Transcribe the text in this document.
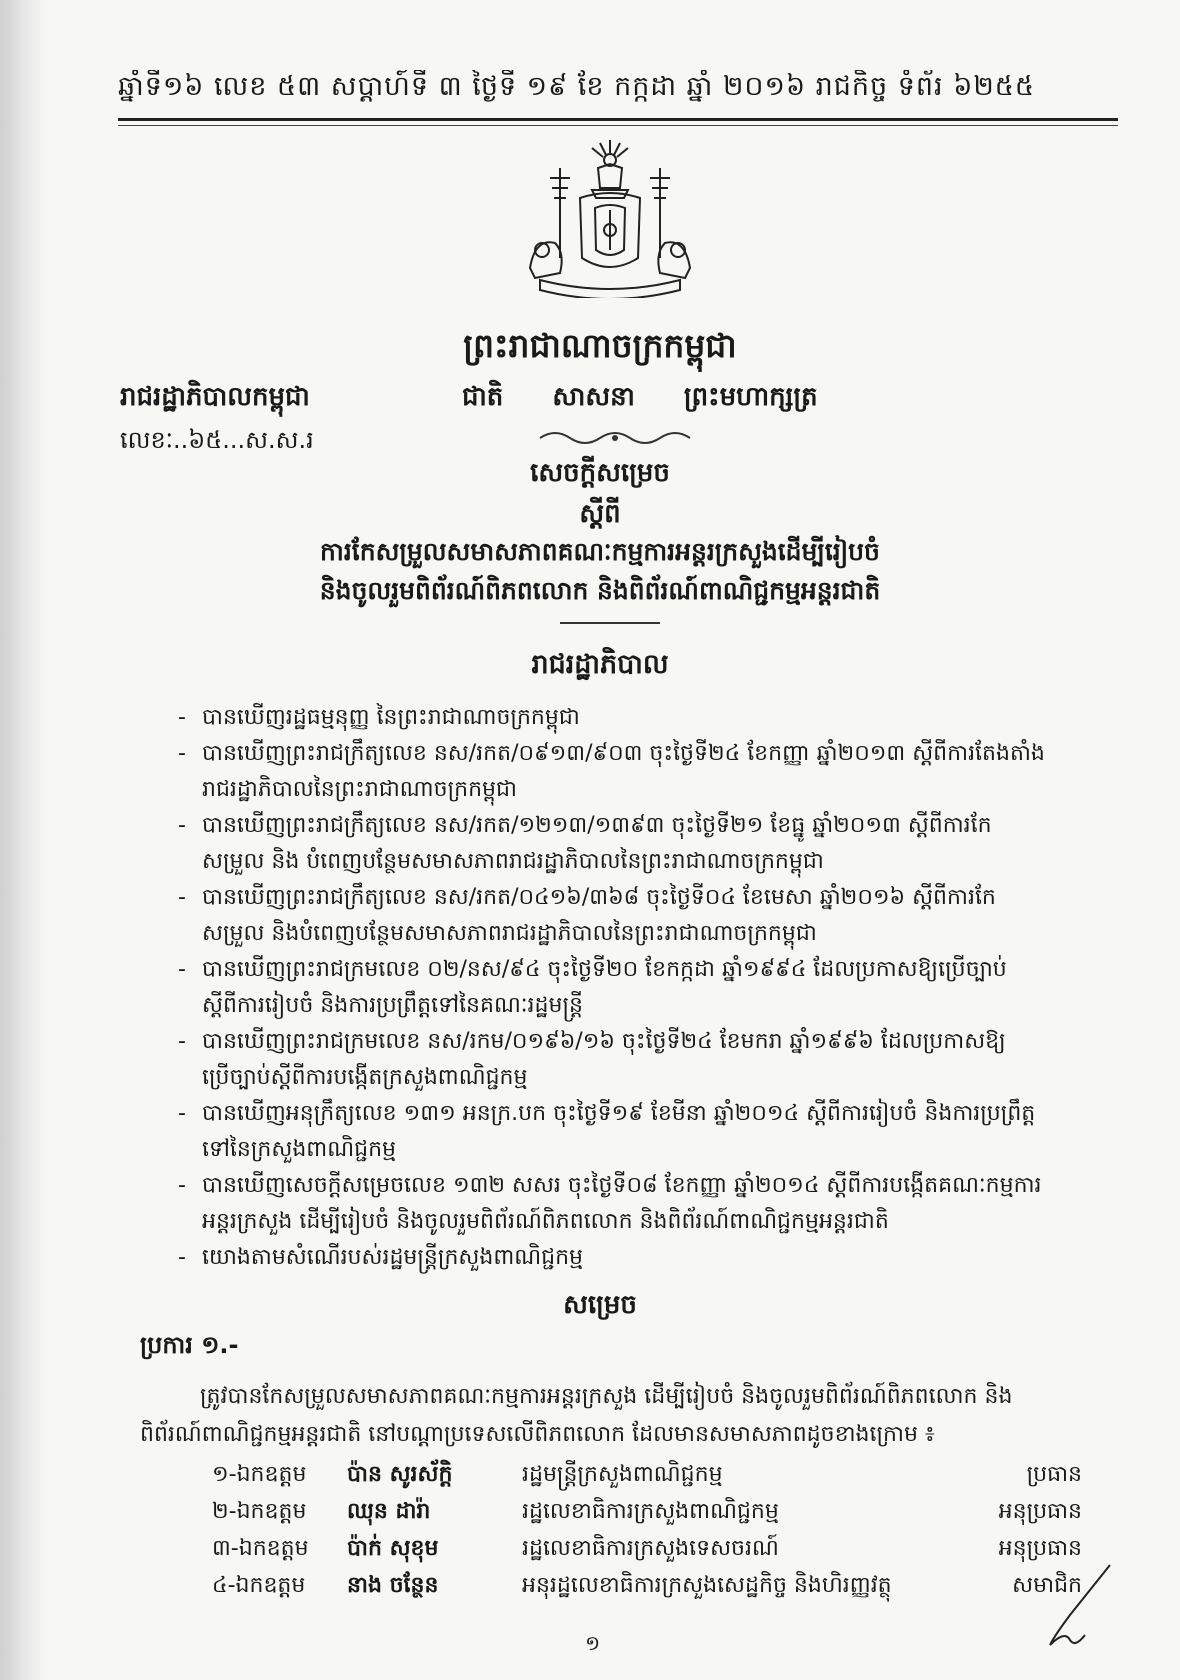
ឆ្នាំទី១៦ លេខ ៥៣ សប្តាហ៍ទី ៣ ថ្ងៃទី ១៩ ខែ កក្កដា ឆ្នាំ ២០១៦ រាជកិច្ច ទំព័រ ៦២៥៥
ព្រះរាជាណាចក្រកម្ពុជា
រាជរដ្ឋាភិបាលកម្ពុជា	ជាតិ សាសនា ព្រះមហាក្សត្រ
លេខៈ..៦៥...ស.ស.រ
សេចក្តីសម្រេច
ស្តីពី
ការកែសម្រួលសមាសភាពគណៈកម្មការអន្តរក្រសួងដើម្បីរៀបចំ
និងចូលរួមពិព័រណ៍ពិភពលោក និងពិព័រណ៍ពាណិជ្ជកម្មអន្តរជាតិ
រាជរដ្ឋាភិបាល
- បានឃើញរដ្ឋធម្មនុញ្ញ នៃព្រះរាជាណាចក្រកម្ពុជា
- បានឃើញព្រះរាជក្រឹត្យលេខ នស/រកត/០៩១៣/៩០៣ ចុះថ្ងៃទី២៤ ខែកញ្ញា ឆ្នាំ២០១៣ ស្តីពីការតែងតាំង
រាជរដ្ឋាភិបាលនៃព្រះរាជាណាចក្រកម្ពុជា
- បានឃើញព្រះរាជក្រឹត្យលេខ នស/រកត/១២១៣/១៣៩៣ ចុះថ្ងៃទី២១ ខែធ្នូ ឆ្នាំ២០១៣ ស្តីពីការកែ
សម្រួល និង បំពេញបន្ថែមសមាសភាពរាជរដ្ឋាភិបាលនៃព្រះរាជាណាចក្រកម្ពុជា
- បានឃើញព្រះរាជក្រឹត្យលេខ នស/រកត/០៤១៦/៣៦៨ ចុះថ្ងៃទី០៤ ខែមេសា ឆ្នាំ២០១៦ ស្តីពីការកែ
សម្រួល និងបំពេញបន្ថែមសមាសភាពរាជរដ្ឋាភិបាលនៃព្រះរាជាណាចក្រកម្ពុជា
- បានឃើញព្រះរាជក្រមលេខ ០២/នស/៩៤ ចុះថ្ងៃទី២០ ខែកក្កដា ឆ្នាំ១៩៩៤ ដែលប្រកាសឱ្យប្រើច្បាប់
ស្តីពីការរៀបចំ និងការប្រព្រឹត្តទៅនៃគណៈរដ្ឋមន្ត្រី
- បានឃើញព្រះរាជក្រមលេខ នស/រកម/០១៩៦/១៦ ចុះថ្ងៃទី២៤ ខែមករា ឆ្នាំ១៩៩៦ ដែលប្រកាសឱ្យ
ប្រើច្បាប់ស្តីពីការបង្កើតក្រសួងពាណិជ្ជកម្ម
- បានឃើញអនុក្រឹត្យលេខ ១៣១ អនក្រ.បក ចុះថ្ងៃទី១៩ ខែមីនា ឆ្នាំ២០១៤ ស្តីពីការរៀបចំ និងការប្រព្រឹត្ត
ទៅនៃក្រសួងពាណិជ្ជកម្ម
- បានឃើញសេចក្តីសម្រេចលេខ ១៣២ សសរ ចុះថ្ងៃទី០៨ ខែកញ្ញា ឆ្នាំ២០១៤ ស្តីពីការបង្កើតគណៈកម្មការ
អន្តរក្រសួង ដើម្បីរៀបចំ និងចូលរួមពិព័រណ៍ពិភពលោក និងពិព័រណ៍ពាណិជ្ជកម្មអន្តរជាតិ
- យោងតាមសំណើរបស់រដ្ឋមន្ត្រីក្រសួងពាណិជ្ជកម្ម
សម្រេច
ប្រការ ១.-
ត្រូវបានកែសម្រួលសមាសភាពគណៈកម្មការអន្តរក្រសួង ដើម្បីរៀបចំ និងចូលរួមពិព័រណ៍ពិភពលោក និង
ពិព័រណ៍ពាណិជ្ជកម្មអន្តរជាតិ នៅបណ្តាប្រទេសលើពិភពលោក ដែលមានសមាសភាពដូចខាងក្រោម ៖
១-ឯកឧត្តម ប៉ាន សូរស័ក្តិ	រដ្ឋមន្ត្រីក្រសួងពាណិជ្ជកម្ម	ប្រធាន
២-ឯកឧត្តម ឈុន ដារ៉ា	រដ្ឋលេខាធិការក្រសួងពាណិជ្ជកម្ម	អនុប្រធាន
៣-ឯកឧត្តម ប៉ាក់ សុខុម	រដ្ឋលេខាធិការក្រសួងទេសចរណ៍	អនុប្រធាន
៤-ឯកឧត្តម នាង ចន្ថែន	អនុរដ្ឋលេខាធិការក្រសួងសេដ្ឋកិច្ច និងហិរញ្ញវត្ថុ	សមាជិក
១
